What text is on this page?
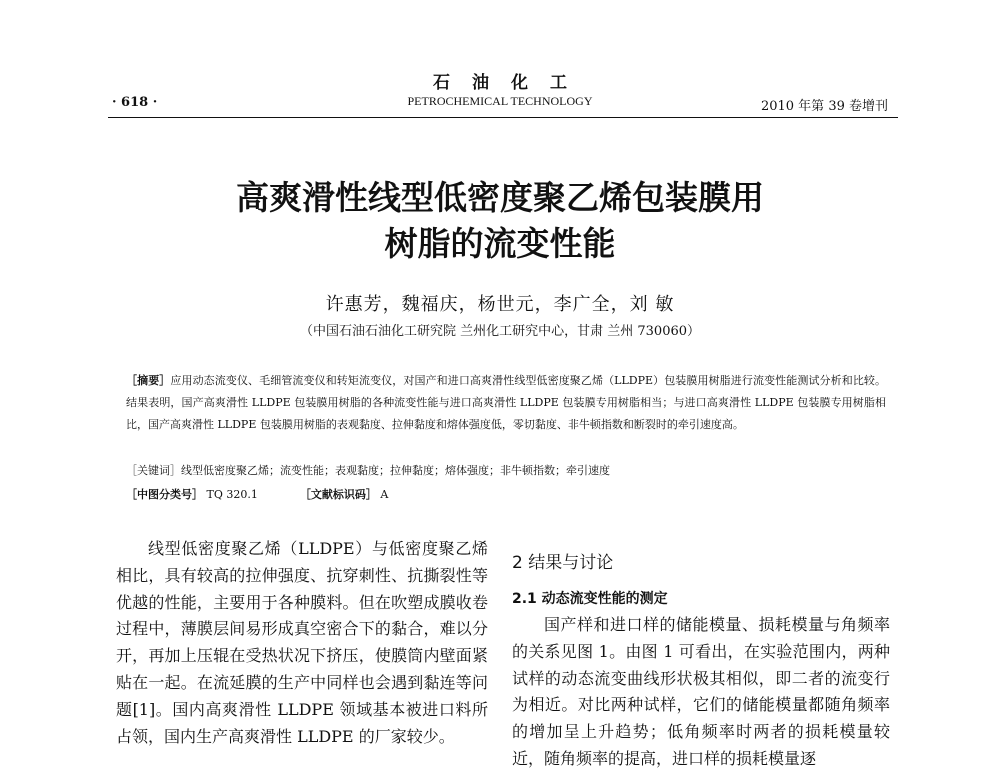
石油化工
· 618 ·	PETROCHEMICAL TECHNOLOGY	2010 年第 39 卷增刊
高爽滑性线型低密度聚乙烯包装膜用
树脂的流变性能
许惠芳，魏福庆，杨世元，李广全，刘 敏
（中国石油石油化工研究院 兰州化工研究中心，甘肃 兰州 730060）
［摘要］应用动态流变仪、毛细管流变仪和转矩流变仪，对国产和进口高爽滑性线型低密度聚乙烯（LLDPE）包装膜用树脂进行流变性能测试分析和比较。结果表明，国产高爽滑性 LLDPE 包装膜用树脂的各种流变性能与进口高爽滑性 LLDPE 包装膜专用树脂相当；与进口高爽滑性 LLDPE 包装膜专用树脂相比，国产高爽滑性 LLDPE 包装膜用树脂的表观黏度、拉伸黏度和熔体强度低，零切黏度、非牛顿指数和断裂时的牵引速度高。
［关键词］线型低密度聚乙烯；流变性能；表观黏度；拉伸黏度；熔体强度；非牛顿指数；牵引速度
［中图分类号］ TQ 320.1	［文献标识码］ A
线型低密度聚乙烯（LLDPE）与低密度聚乙烯相比，具有较高的拉伸强度、抗穿刺性、抗撕裂性等优越的性能，主要用于各种膜料。但在吹塑成膜收卷过程中，薄膜层间易形成真空密合下的黏合，难以分开，再加上压辊在受热状况下挤压，使膜筒内壁面紧贴在一起。在流延膜的生产中同样也会遇到黏连等问题[1]。国内高爽滑性 LLDPE 领域基本被进口料所占领，国内生产高爽滑性 LLDPE 的厂家较少。
2 结果与讨论
2.1 动态流变性能的测定
国产样和进口样的储能模量、损耗模量与角频率的关系见图 1。由图 1 可看出，在实验范围内，两种试样的动态流变曲线形状极其相似，即二者的流变行为相近。对比两种试样，它们的储能模量都随角频率的增加呈上升趋势；低角频率时两者的损耗模量较近，随角频率的提高，进口样的损耗模量逐
